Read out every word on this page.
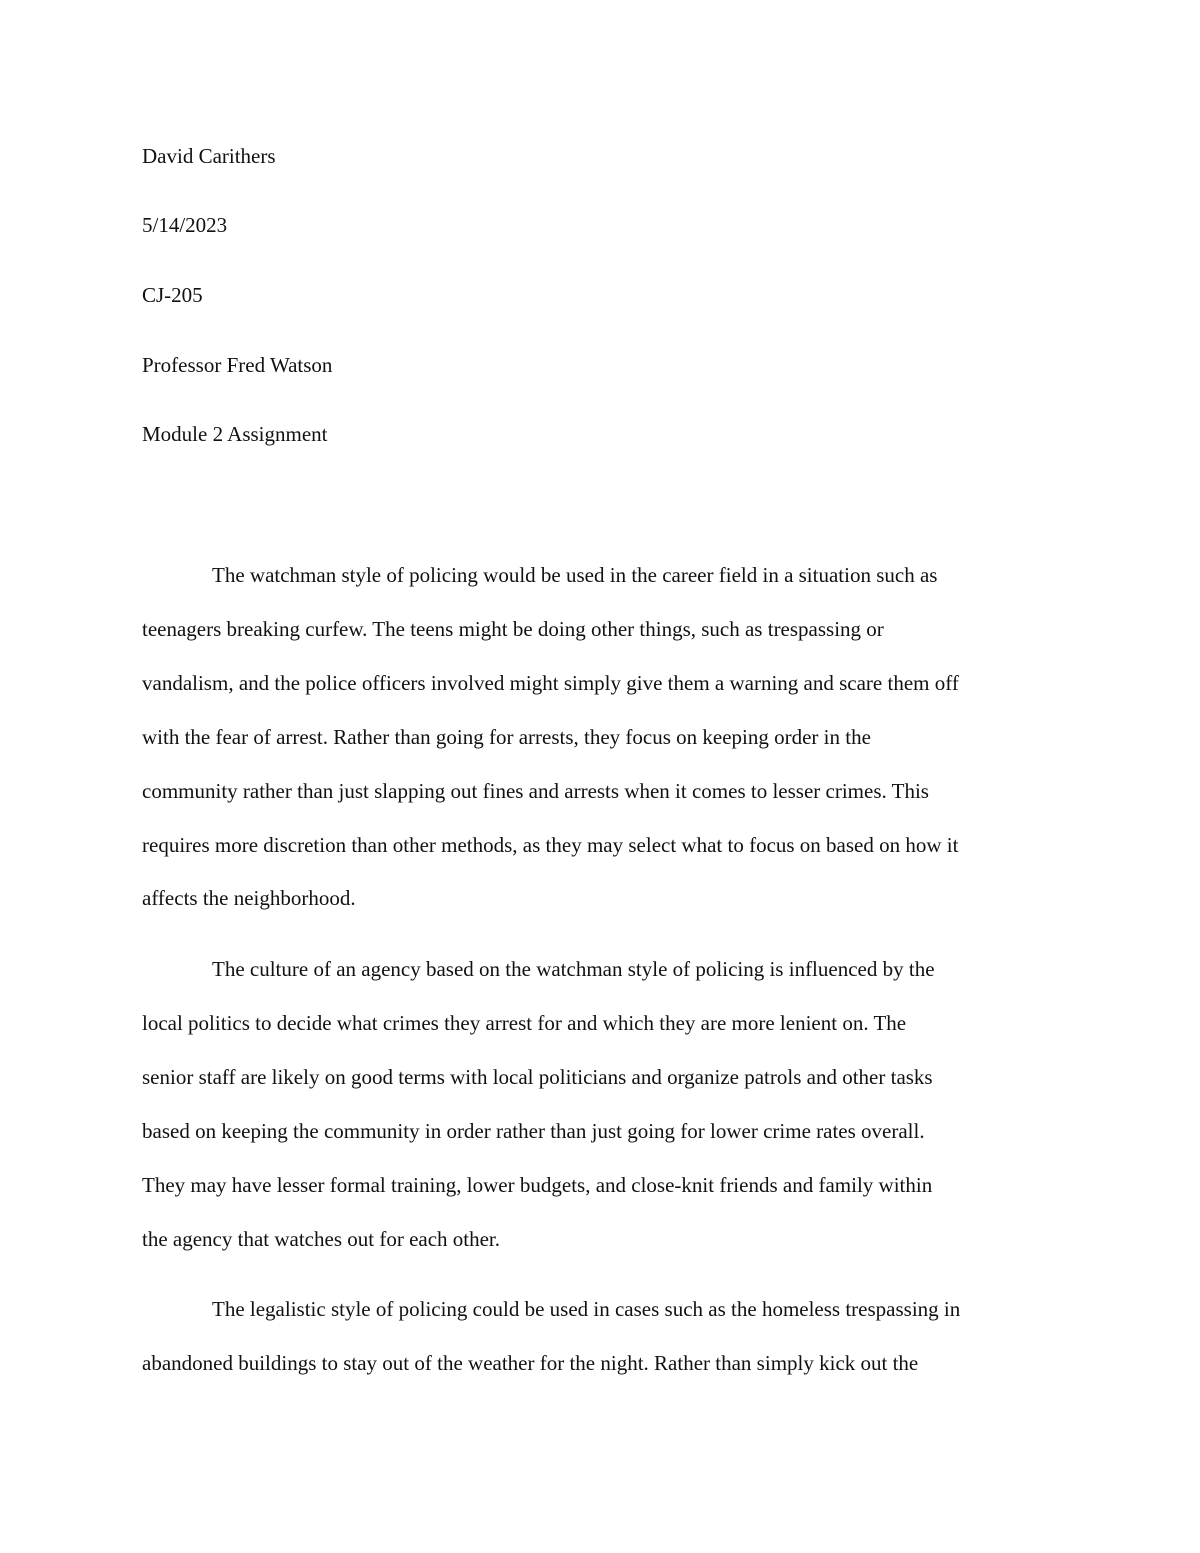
David Carithers
5/14/2023
CJ-205
Professor Fred Watson
Module 2 Assignment
The watchman style of policing would be used in the career field in a situation such as
teenagers breaking curfew. The teens might be doing other things, such as trespassing or
vandalism, and the police officers involved might simply give them a warning and scare them off
with the fear of arrest. Rather than going for arrests, they focus on keeping order in the
community rather than just slapping out fines and arrests when it comes to lesser crimes. This
requires more discretion than other methods, as they may select what to focus on based on how it
affects the neighborhood.
The culture of an agency based on the watchman style of policing is influenced by the
local politics to decide what crimes they arrest for and which they are more lenient on. The
senior staff are likely on good terms with local politicians and organize patrols and other tasks
based on keeping the community in order rather than just going for lower crime rates overall.
They may have lesser formal training, lower budgets, and close-knit friends and family within
the agency that watches out for each other.
The legalistic style of policing could be used in cases such as the homeless trespassing in
abandoned buildings to stay out of the weather for the night. Rather than simply kick out the
